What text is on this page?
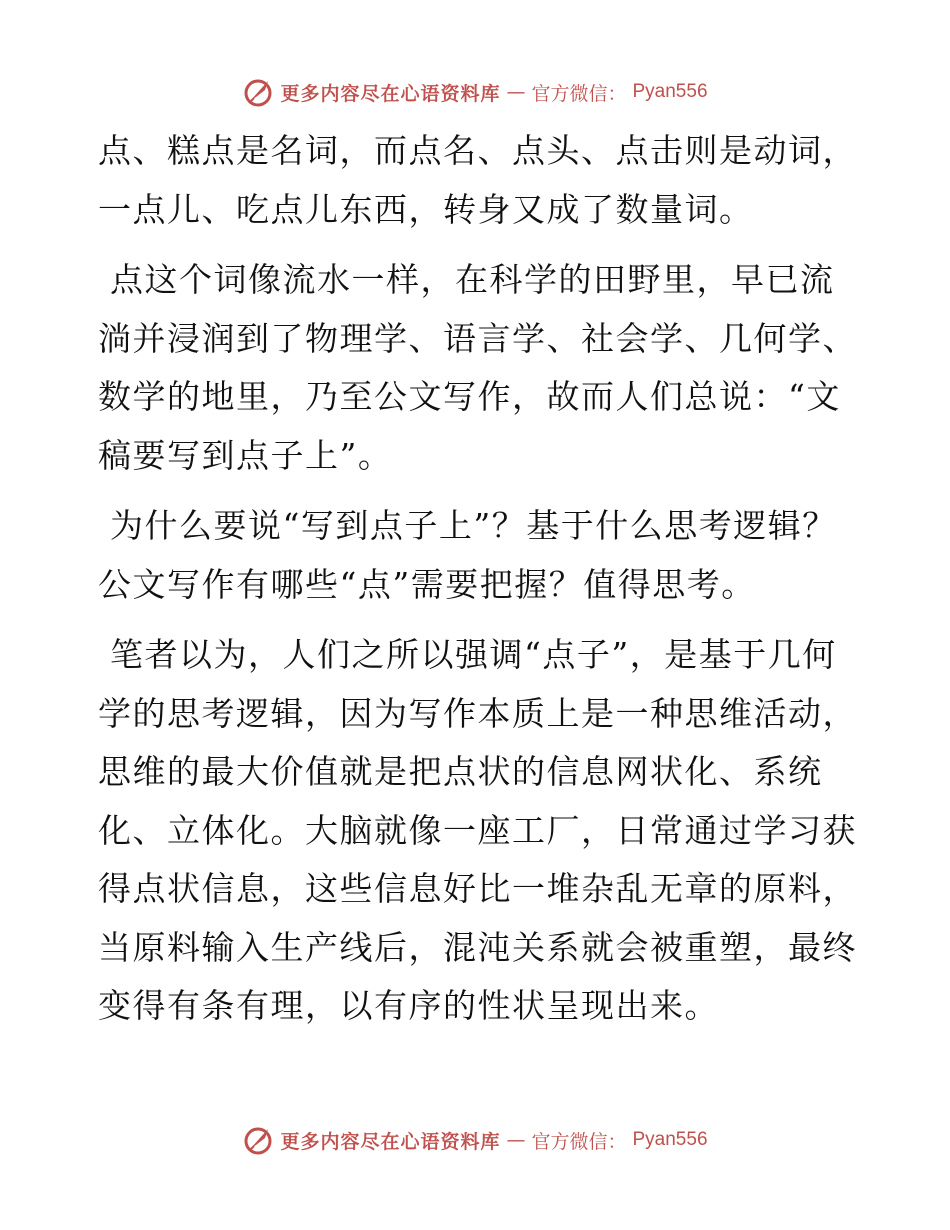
更多内容尽在心语资料库 — 官方微信： Pyan556

点、糕点是名词，而点名、点头、点击则是动词，一点儿、吃点儿东西，转身又成了数量词。

点这个词像流水一样，在科学的田野里，早已流淌并浸润到了物理学、语言学、社会学、几何学、数学的地里，乃至公文写作，故而人们总说：“文稿要写到点子上”。

为什么要说“写到点子上”？基于什么思考逻辑？公文写作有哪些“点”需要把握？值得思考。

笔者以为，人们之所以强调“点子”，是基于几何学的思考逻辑，因为写作本质上是一种思维活动，思维的最大价值就是把点状的信息网状化、系统化、立体化。大脑就像一座工厂，日常通过学习获得点状信息，这些信息好比一堆杂乱无章的原料，当原料输入生产线后，混沌关系就会被重塑，最终变得有条有理，以有序的性状呈现出来。

更多内容尽在心语资料库 — 官方微信： Pyan556
